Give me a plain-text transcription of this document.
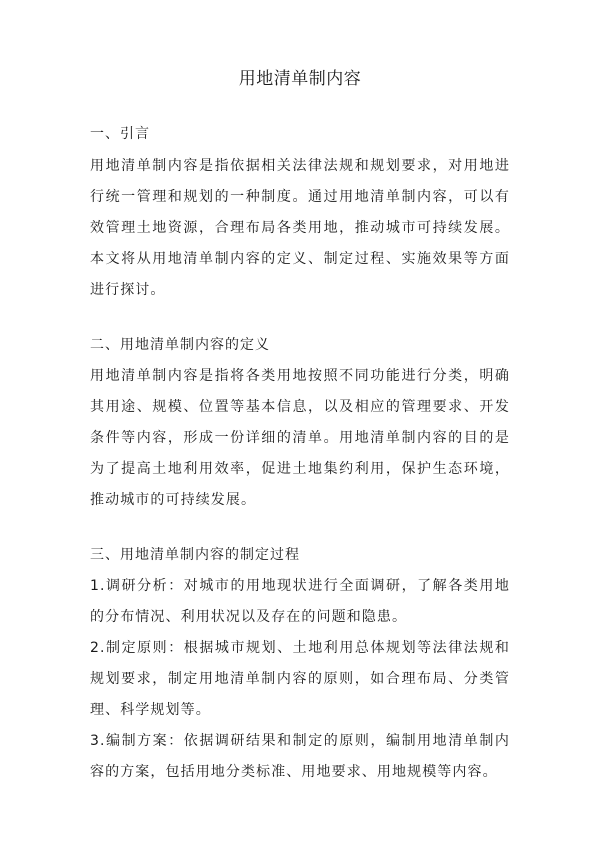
用地清单制内容
一、引言
用地清单制内容是指依据相关法律法规和规划要求，对用地进行统一管理和规划的一种制度。通过用地清单制内容，可以有效管理土地资源，合理布局各类用地，推动城市可持续发展。本文将从用地清单制内容的定义、制定过程、实施效果等方面进行探讨。
二、用地清单制内容的定义
用地清单制内容是指将各类用地按照不同功能进行分类，明确其用途、规模、位置等基本信息，以及相应的管理要求、开发条件等内容，形成一份详细的清单。用地清单制内容的目的是为了提高土地利用效率，促进土地集约利用，保护生态环境，推动城市的可持续发展。
三、用地清单制内容的制定过程
1.调研分析：对城市的用地现状进行全面调研，了解各类用地的分布情况、利用状况以及存在的问题和隐患。
2.制定原则：根据城市规划、土地利用总体规划等法律法规和规划要求，制定用地清单制内容的原则，如合理布局、分类管理、科学规划等。
3.编制方案：依据调研结果和制定的原则，编制用地清单制内容的方案，包括用地分类标准、用地要求、用地规模等内容。
